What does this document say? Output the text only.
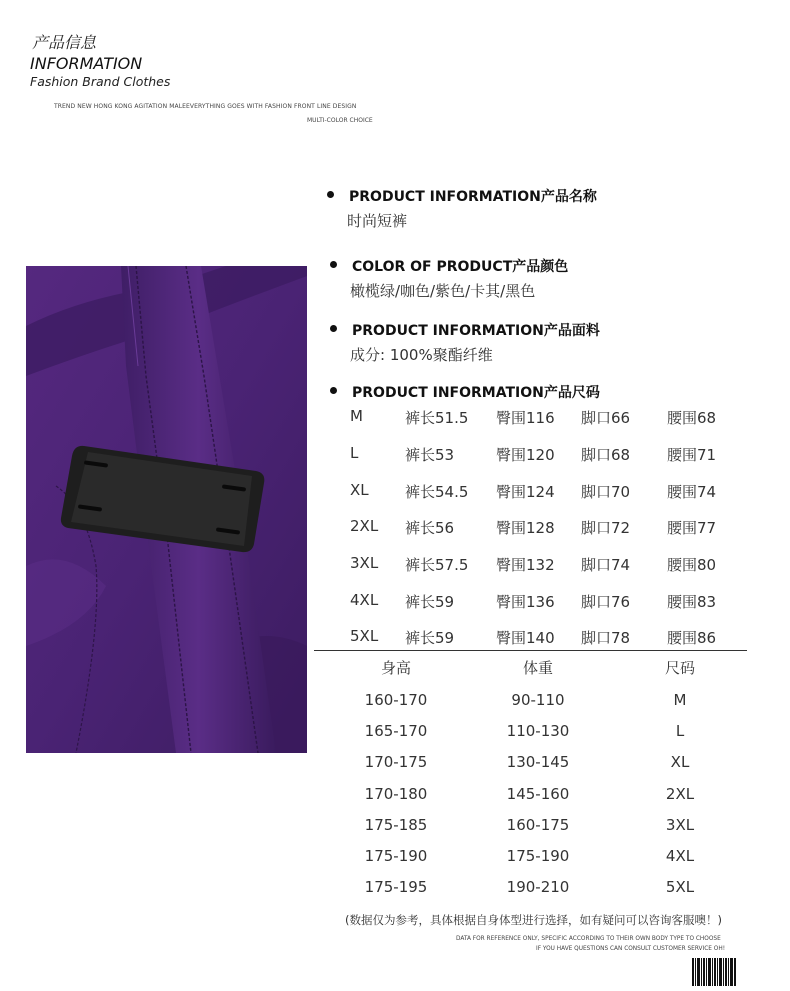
产品信息
INFORMATION
Fashion Brand Clothes
TREND NEW HONG KONG AGITATION MALEEVERYTHING GOES WITH FASHION FRONT LINE DESIGN
MULTI-COLOR CHOICE
PRODUCT INFORMATION产品名称
时尚短裤
COLOR OF PRODUCT产品颜色
橄榄绿/咖色/紫色/卡其/黑色
PRODUCT INFORMATION产品面料
成分: 100%聚酯纤维
PRODUCT INFORMATION产品尺码
M	裤长51.5 臀围116 脚口66 腰围68
L	裤长53	臀围120 脚口68 腰围71
XL 裤长54.5 臀围124 脚口70 腰围74
2XL 裤长56	臀围128 脚口72 腰围77
3XL 裤长57.5 臀围132 脚口74 腰围80
4XL 裤长59	臀围136 脚口76 腰围83
5XL 裤长59	臀围140 脚口78 腰围86
身高	体重	尺码
160-170	90-110	M
165-170	110-130	L
170-175	130-145	XL
170-180	145-160	2XL
175-185	160-175	3XL
175-190	175-190	4XL
175-195	190-210	5XL
(数据仅为参考，具体根据自身体型进行选择，如有疑问可以咨询客服噢！)
DATA FOR REFERENCE ONLY, SPECIFIC ACCORDING TO THEIR OWN BODY TYPE TO CHOOSE
IF YOU HAVE QUESTIONS CAN CONSULT CUSTOMER SERVICE OH!
